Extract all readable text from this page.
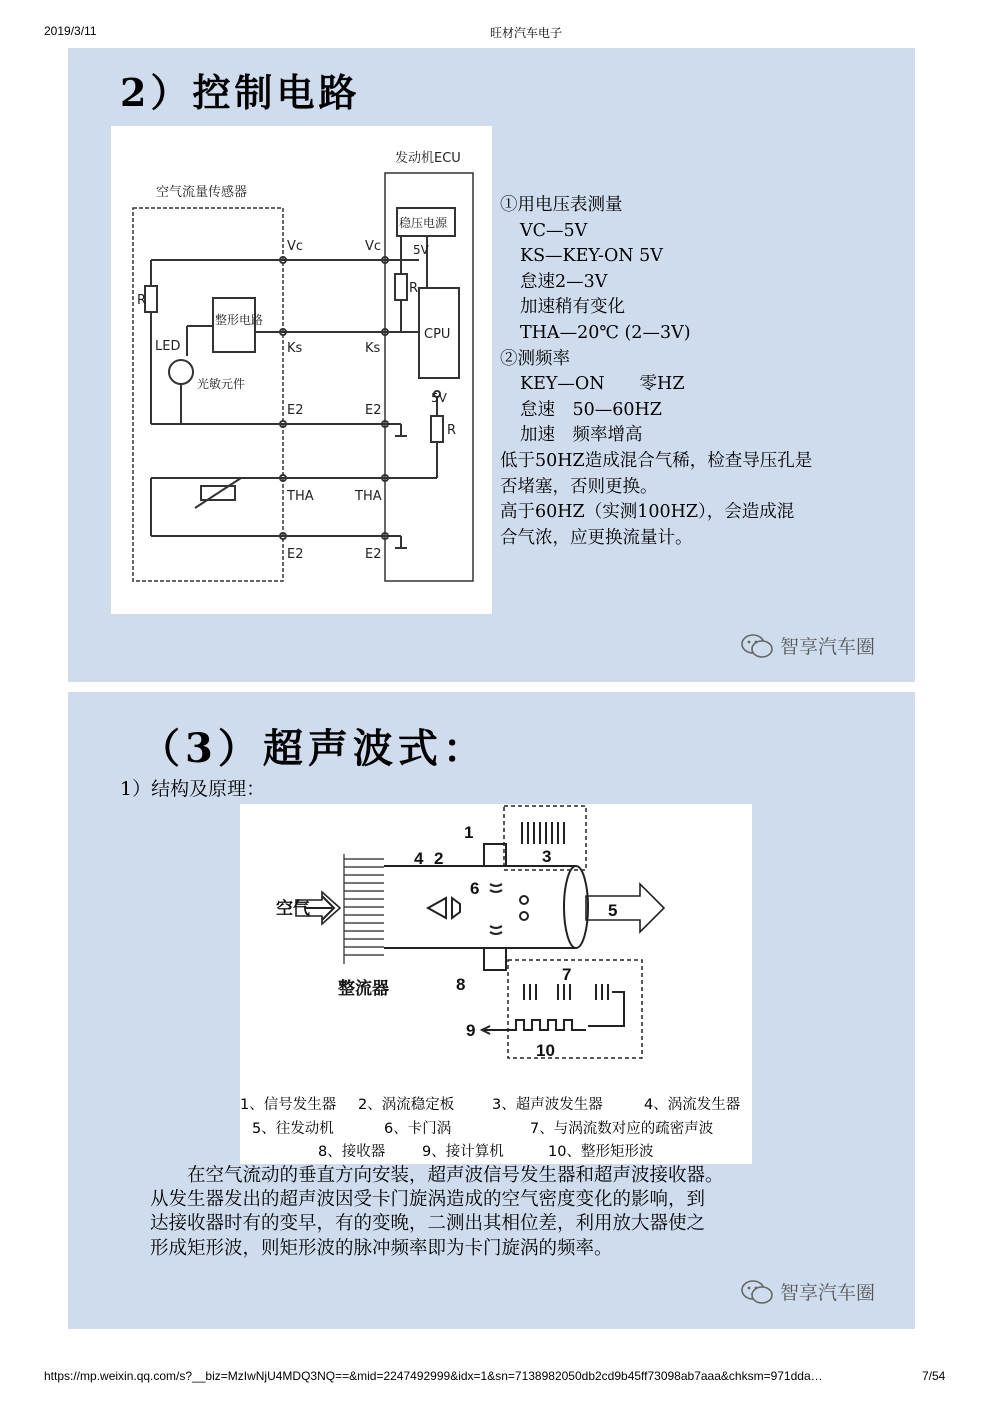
2019/3/11	旺材汽车电子
2）控制电路
发动机ECU
空气流量传感器
稳压电源
5V
整形电路
CPU
LED
光敏元件
R
R
R
5V
Vc	Vc
Ks	Ks
E2	E2
THA	THA
E2	E2
①用电压表测量
VC—5V
KS—KEY-ON 5V
怠速2—3V
加速稍有变化
THA—20℃ (2—3V)
②测频率
KEY—ON　　零HZ
怠速　50—60HZ
加速　频率增高
低于50HZ造成混合气稀，检查导压孔是
否堵塞，否则更换。
高于60HZ（实测100HZ），会造成混
合气浓，应更换流量计。
智享汽车圈
（3）超声波式：
1）结构及原理：
空气
整流器
1
2	3
4
5
6
7
8
9
10
1、信号发生器	2、涡流稳定板	3、超声波发生器	4、涡流发生器
5、往发动机	6、卡门涡	7、与涡流数对应的疏密声波
8、接收器	9、接计算机	10、整形矩形波
　　在空气流动的垂直方向安装，超声波信号发生器和超声波接收器。
从发生器发出的超声波因受卡门旋涡造成的空气密度变化的影响，到
达接收器时有的变早，有的变晚，二测出其相位差，利用放大器使之
形成矩形波，则矩形波的脉冲频率即为卡门旋涡的频率。
智享汽车圈
https://mp.weixin.qq.com/s?__biz=MzIwNjU4MDQ3NQ==&mid=2247492999&idx=1&sn=7138982050db2cd9b45ff73098ab7aaa&chksm=971dda…	7/54
